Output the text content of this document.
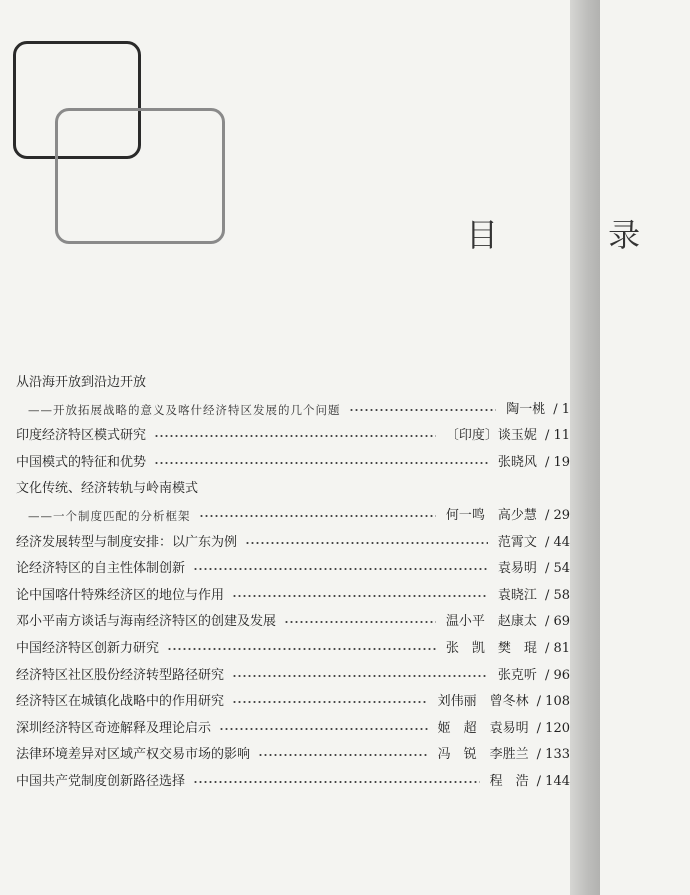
目 录
从沿海开放到沿边开放
——开放拓展战略的意义及喀什经济特区发展的几个问题	陶一桃 / 1
印度经济特区模式研究	〔印度〕谈玉妮 / 11
中国模式的特征和优势	张晓风 / 19
文化传统、经济转轨与岭南模式
——一个制度匹配的分析框架	何一鸣　高少慧 / 29
经济发展转型与制度安排：以广东为例	范霄文 / 44
论经济特区的自主性体制创新	袁易明 / 54
论中国喀什特殊经济区的地位与作用	袁晓江 / 58
邓小平南方谈话与海南经济特区的创建及发展	温小平　赵康太 / 69
中国经济特区创新力研究	张　凯　樊　琨 / 81
经济特区社区股份经济转型路径研究	张克听 / 96
经济特区在城镇化战略中的作用研究	刘伟丽　曾冬林 / 108
深圳经济特区奇迹解释及理论启示	姬　超　袁易明 / 120
法律环境差异对区域产权交易市场的影响	冯　锐　李胜兰 / 133
中国共产党制度创新路径选择	程　浩 / 144
